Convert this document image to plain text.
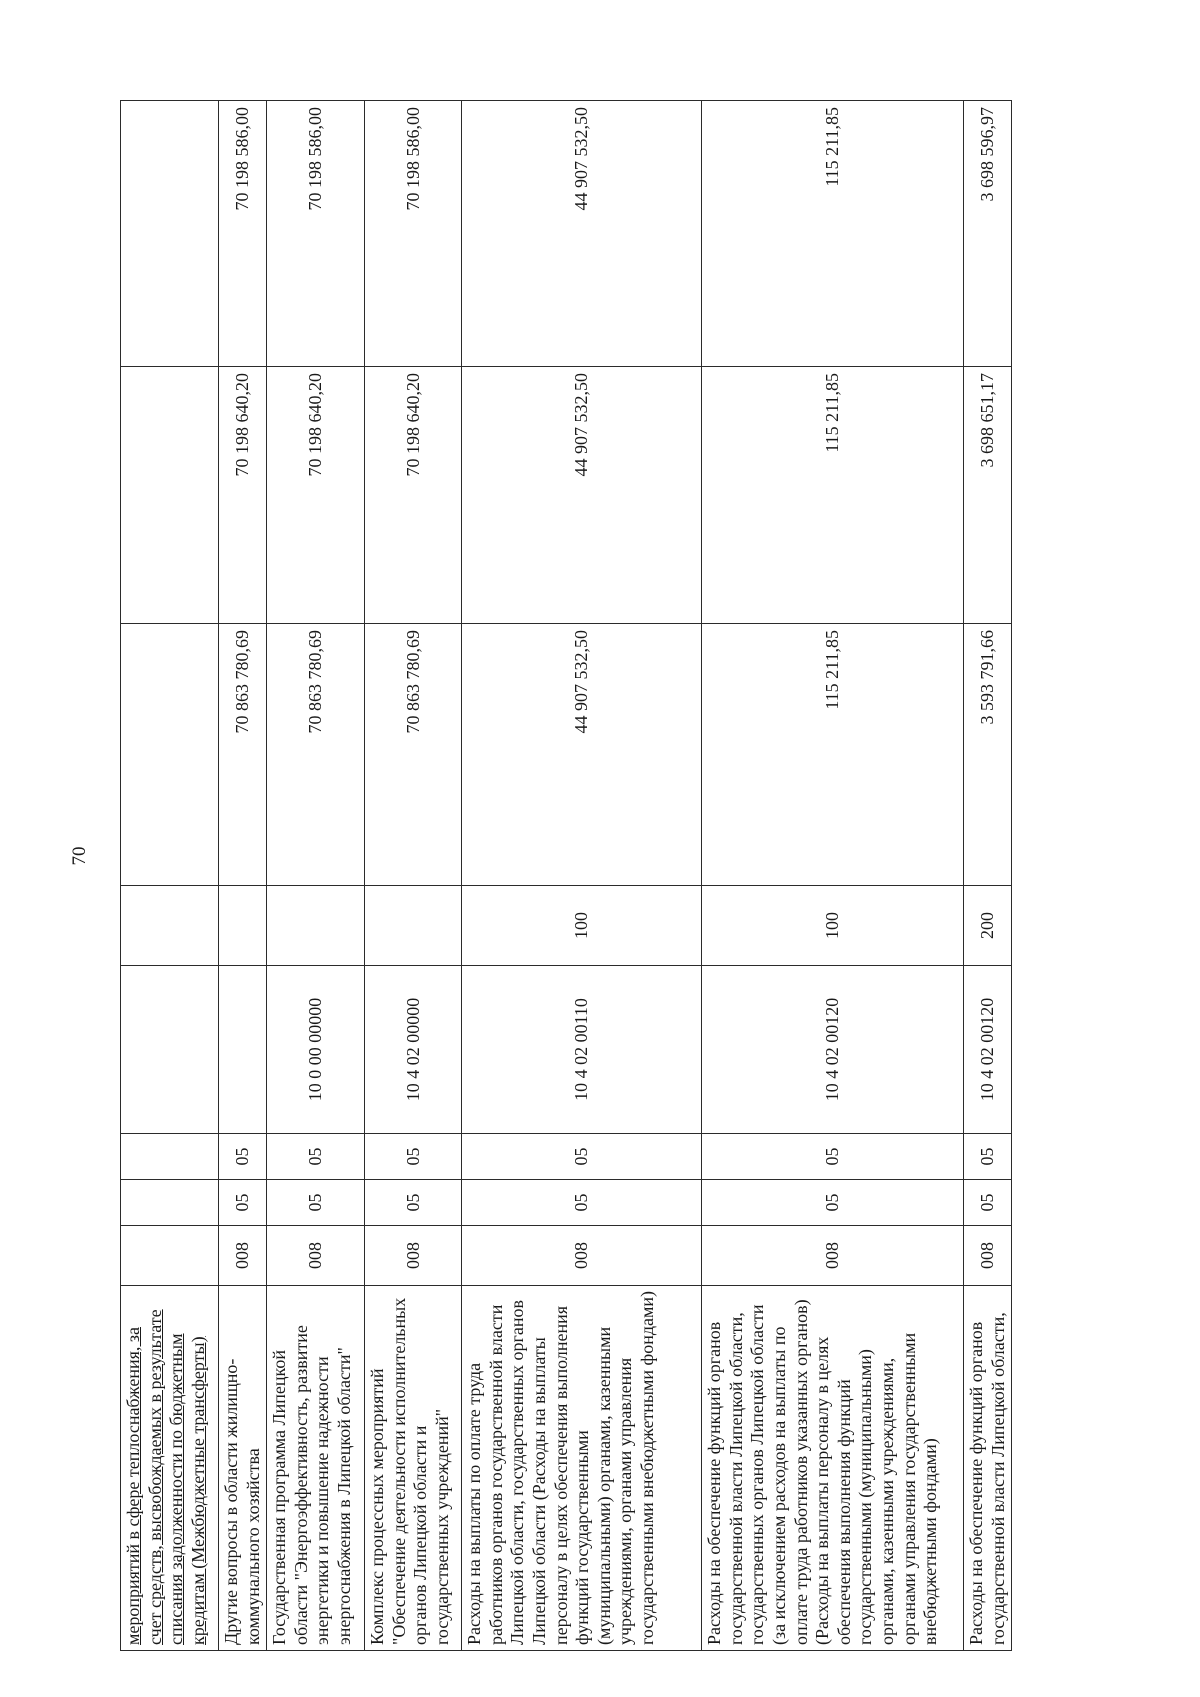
70
мероприятий в сфере теплоснабжения, за счет средств, высвобождаемых в результате списания задолженности по бюджетным кредитам (Межбюджетные трансферты)								
Другие вопросы в области жилищно-коммунального хозяйства	008	05	05			70 863 780,69	70 198 640,20	70 198 586,00
Государственная программа Липецкой области "Энергоэффективность, развитие энергетики и повышение надежности энергоснабжения в Липецкой области"	008	05	05	10 0 00 00000		70 863 780,69	70 198 640,20	70 198 586,00
Комплекс процессных мероприятий "Обеспечение деятельности исполнительных органов Липецкой области и государственных учреждений"	008	05	05	10 4 02 00000		70 863 780,69	70 198 640,20	70 198 586,00
Расходы на выплаты по оплате труда работников органов государственной власти Липецкой области, государственных органов Липецкой области (Расходы на выплаты персоналу в целях обеспечения выполнения функций государственными (муниципальными) органами, казенными учреждениями, органами управления государственными внебюджетными фондами)	008	05	05	10 4 02 00110	100	44 907 532,50	44 907 532,50	44 907 532,50
Расходы на обеспечение функций органов государственной власти Липецкой области, государственных органов Липецкой области (за исключением расходов на выплаты по оплате труда работников указанных органов) (Расходы на выплаты персоналу в целях обеспечения выполнения функций государственными (муниципальными) органами, казенными учреждениями, органами управления государственными внебюджетными фондами)	008	05	05	10 4 02 00120	100	115 211,85	115 211,85	115 211,85
Расходы на обеспечение функций органов государственной власти Липецкой области,	008	05	05	10 4 02 00120	200	3 593 791,66	3 698 651,17	3 698 596,97
